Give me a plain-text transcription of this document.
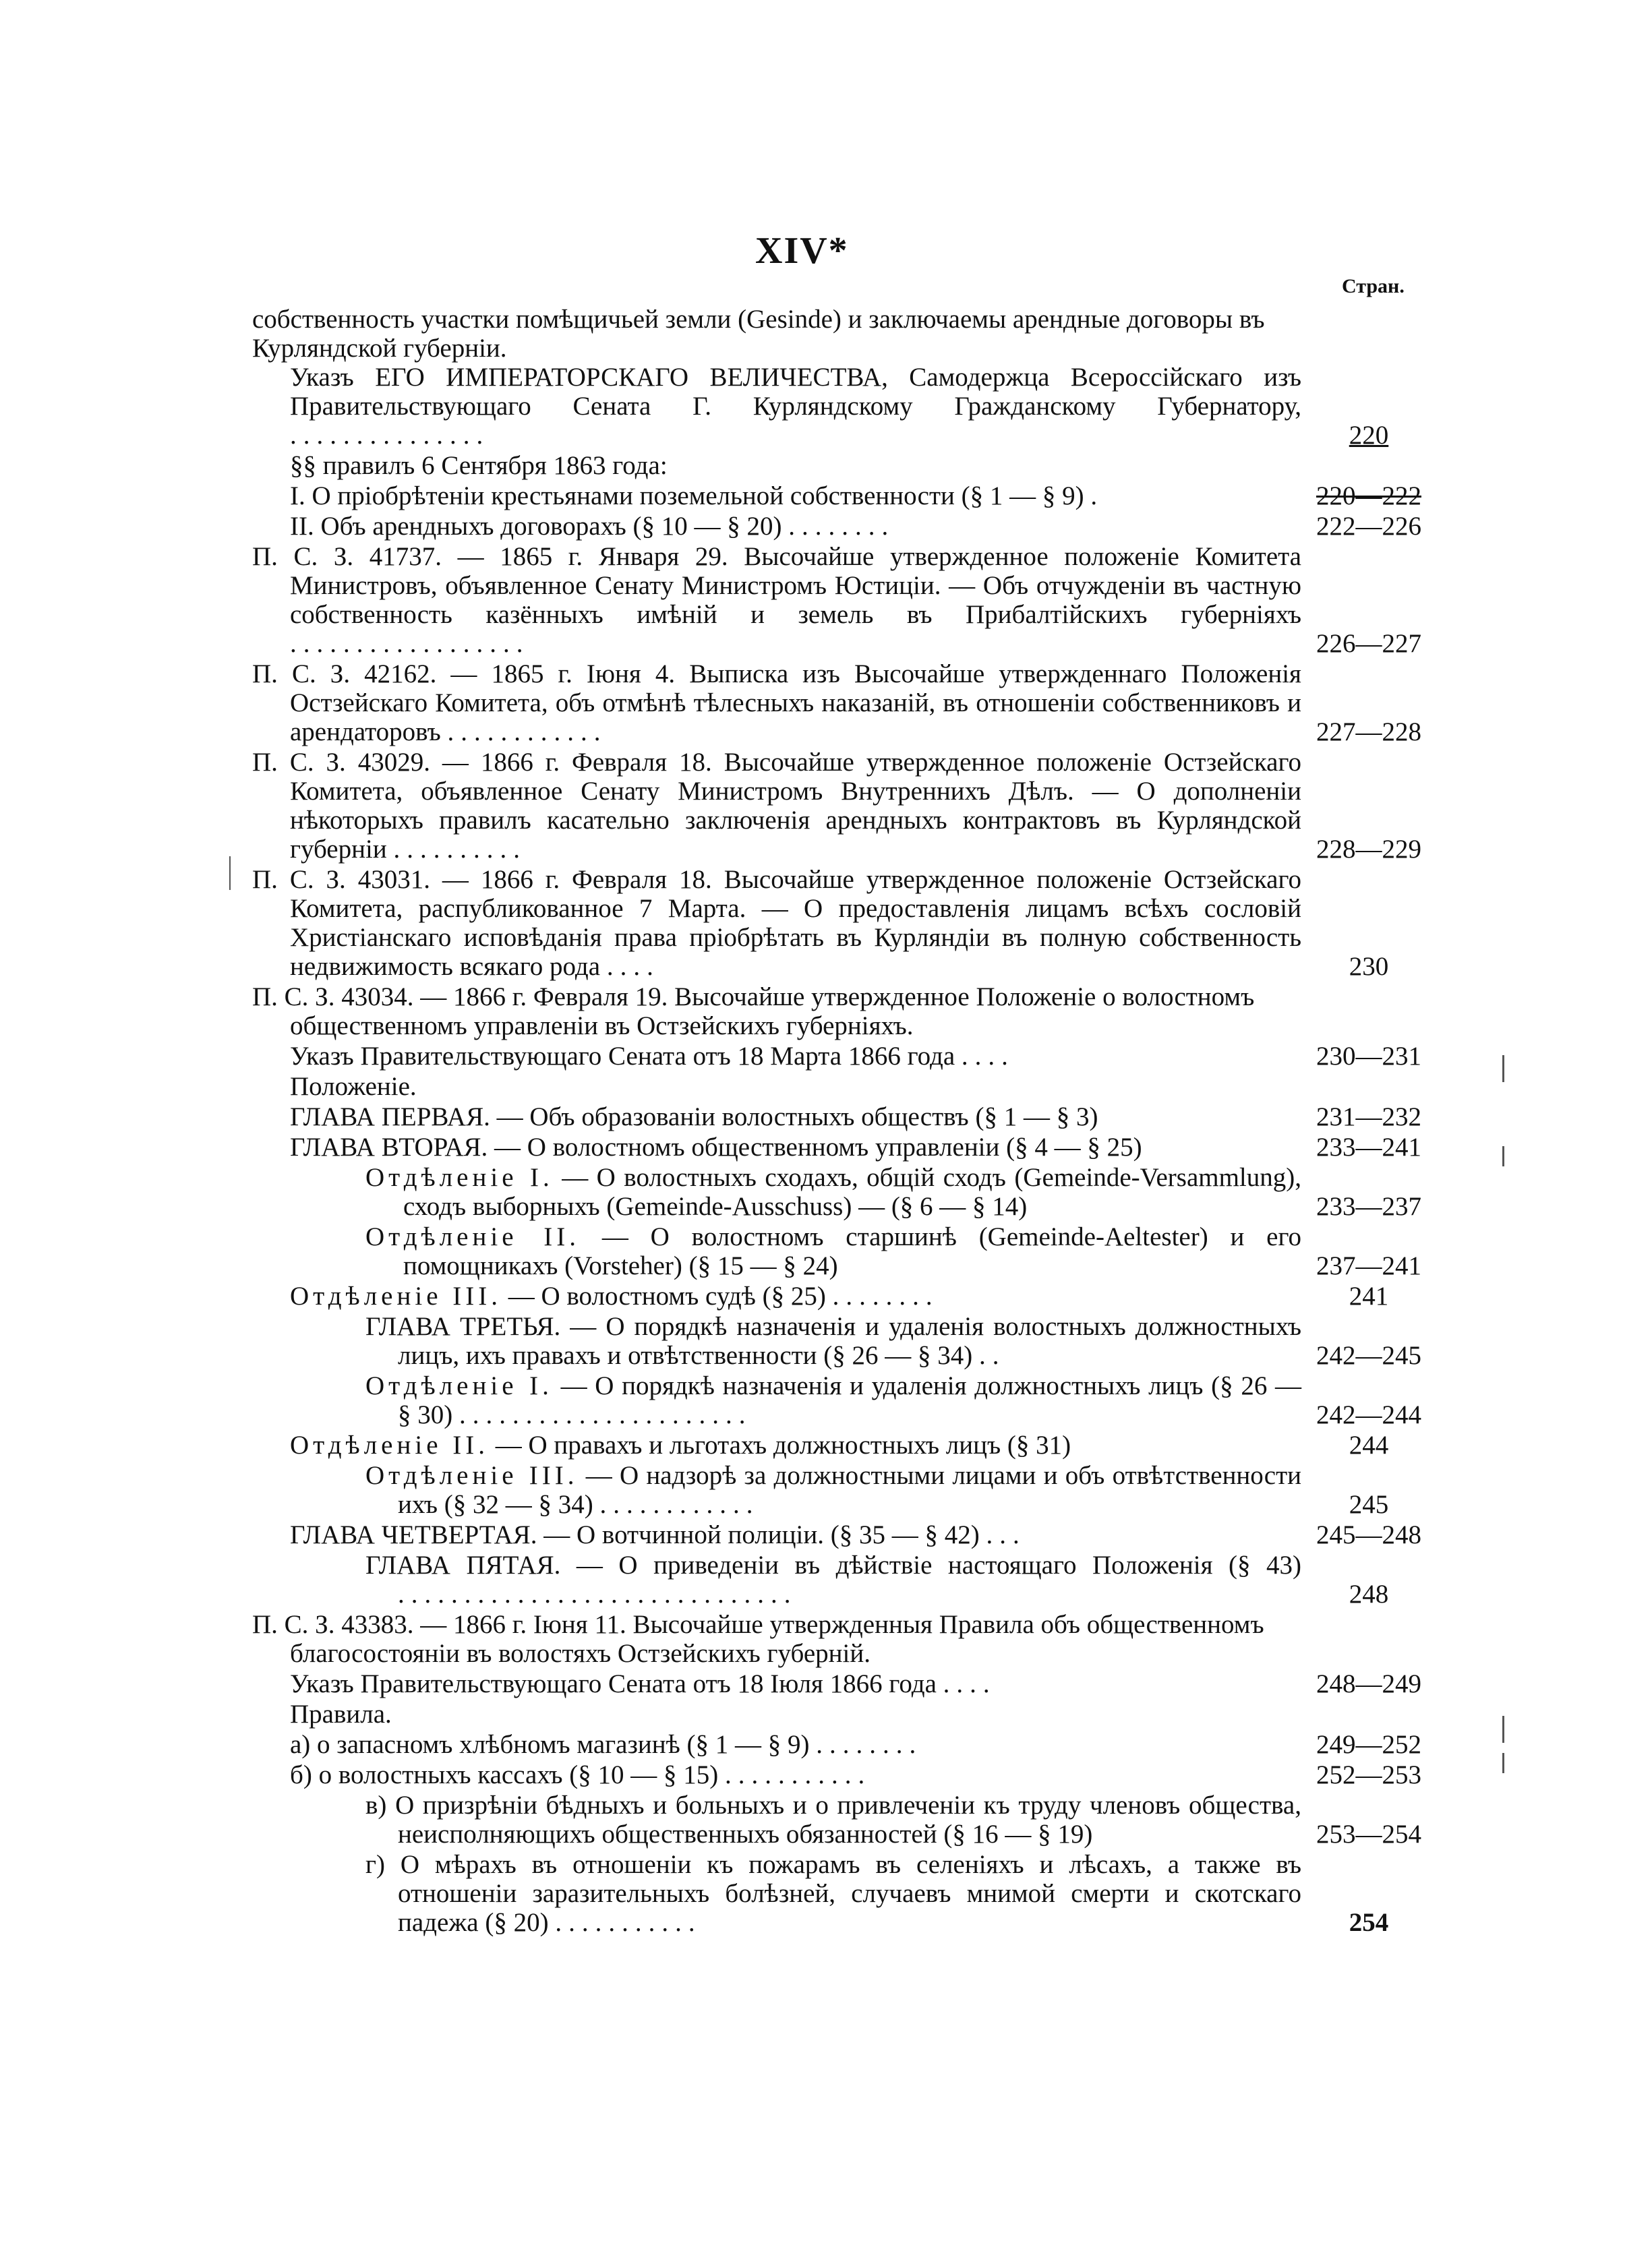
XIV*
Стран.
собственность участки помѣщичьей земли (Gesinde) и заключаемы арендные договоры въ Курляндской губерніи.
Указъ ЕГО ИМПЕРАТОРСКАГО ВЕЛИЧЕСТВА, Самодержца Всероссійскаго изъ Правительствующаго Сената Г. Курляндскому Гражданскому Губернатору, ...............	220
§§ правилъ 6 Сентября 1863 года:
I. О пріобрѣтеніи крестьянами поземельной собственности (§ 1 — § 9) .	220—222
II. Объ арендныхъ договорахъ (§ 10 — § 20) ........	222—226
П. С. З. 41737. — 1865 г. Января 29. Высочайше утвержденное положеніе Комитета Министровъ, объявленное Сенату Министромъ Юстиціи. — Объ отчужденіи въ частную собственность казённыхъ имѣній и земель въ Прибалтійскихъ губерніяхъ ..................	226—227
П. С. З. 42162. — 1865 г. Іюня 4. Выписка изъ Высочайше утвержденнаго Положенія Остзейскаго Комитета, объ отмѣнѣ тѣлесныхъ наказаній, въ отношеніи собственниковъ и арендаторовъ ............	227—228
П. С. З. 43029. — 1866 г. Февраля 18. Высочайше утвержденное положеніе Остзейскаго Комитета, объявленное Сенату Министромъ Внутреннихъ Дѣлъ. — О дополненіи нѣкоторыхъ правилъ касательно заключенія арендныхъ контрактовъ въ Курляндской губерніи ..........	228—229
П. С. З. 43031. — 1866 г. Февраля 18. Высочайше утвержденное положеніе Остзейскаго Комитета, распубликованное 7 Марта. — О предоставленія лицамъ всѣхъ сословій Христіанскаго исповѣданія права пріобрѣтать въ Курляндіи въ полную собственность недвижимость всякаго рода ....	230
П. С. З. 43034. — 1866 г. Февраля 19. Высочайше утвержденное Положеніе о волостномъ общественномъ управленіи въ Остзейскихъ губерніяхъ.
Указъ Правительствующаго Сената отъ 18 Марта 1866 года ....	230—231
Положеніе.
ГЛАВА ПЕРВАЯ. — Объ образованіи волостныхъ обществъ (§ 1 — § 3)	231—232
ГЛАВА ВТОРАЯ. — О волостномъ общественномъ управленіи (§ 4 — § 25)	233—241
Отдѣленіе I. — О волостныхъ сходахъ, общій сходъ (Gemeinde-Versammlung), сходъ выборныхъ (Gemeinde-Ausschuss) — (§ 6 — § 14)	233—237
Отдѣленіе II. — О волостномъ старшинѣ (Gemeinde-Aeltester) и его помощникахъ (Vorsteher) (§ 15 — § 24)	237—241
Отдѣленіе III. — О волостномъ судѣ (§ 25) ........	241
ГЛАВА ТРЕТЬЯ. — О порядкѣ назначенія и удаленія волостныхъ должностныхъ лицъ, ихъ правахъ и отвѣтственности (§ 26 — § 34) ..	242—245
Отдѣленіе I. — О порядкѣ назначенія и удаленія должностныхъ лицъ (§ 26 — § 30) ......................	242—244
Отдѣленіе II. — О правахъ и льготахъ должностныхъ лицъ (§ 31)	244
Отдѣленіе III. — О надзорѣ за должностными лицами и объ отвѣтственности ихъ (§ 32 — § 34) ............	245
ГЛАВА ЧЕТВЕРТАЯ. — О вотчинной полиціи. (§ 35 — § 42) ...	245—248
ГЛАВА ПЯТАЯ. — О приведеніи въ дѣйствіе настоящаго Положенія (§ 43) ..............................	248
П. С. З. 43383. — 1866 г. Іюня 11. Высочайше утвержденныя Правила объ общественномъ благосостояніи въ волостяхъ Остзейскихъ губерній.
Указъ Правительствующаго Сената отъ 18 Іюля 1866 года ....	248—249
Правила.
а) о запасномъ хлѣбномъ магазинѣ (§ 1 — § 9) ........	249—252
б) о волостныхъ кассахъ (§ 10 — § 15) ...........	252—253
в) О призрѣніи бѣдныхъ и больныхъ и о привлеченіи къ труду членовъ общества, неисполняющихъ общественныхъ обязанностей (§ 16 — § 19)	253—254
г) О мѣрахъ въ отношеніи къ пожарамъ въ селеніяхъ и лѣсахъ, а также въ отношеніи заразительныхъ болѣзней, случаевъ мнимой смерти и скотскаго падежа (§ 20) ...........	254
